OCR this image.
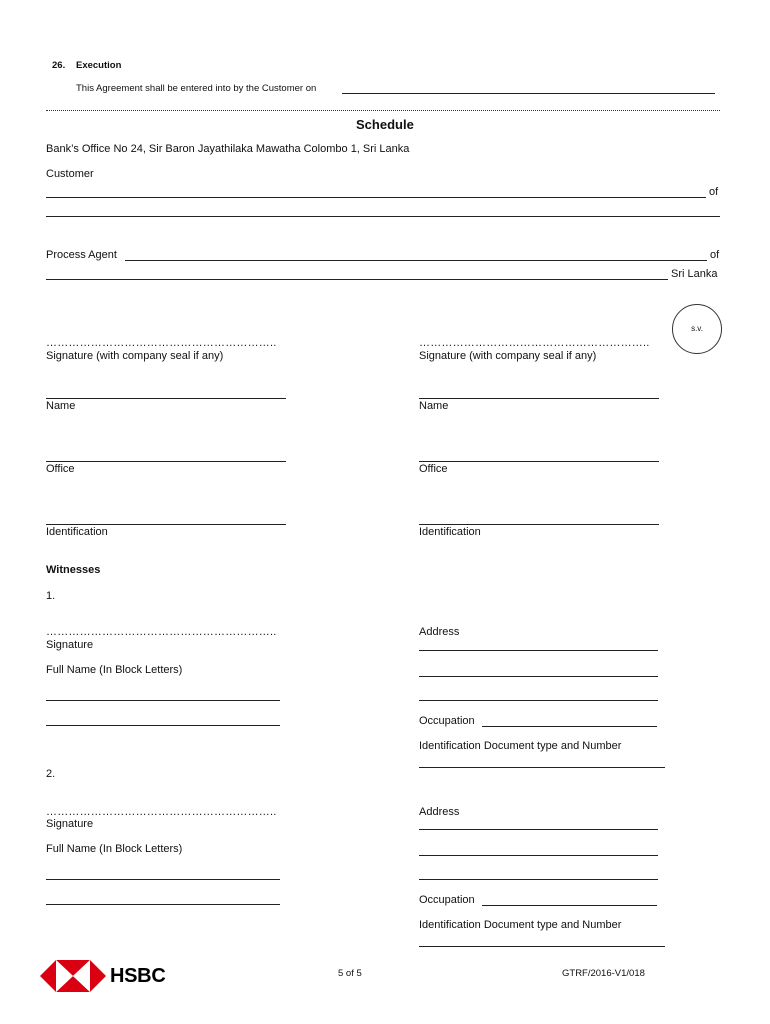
26. Execution
This Agreement shall be entered into by the Customer on
Schedule
Bank’s Office No 24, Sir Baron Jayathilaka Mawatha Colombo 1, Sri Lanka
Customer
of
Process Agent	of
Sri Lanka
s.v.
……………………………………………………..
Signature (with company seal if any)
Name
Office
Identification
……………………………………………………..
Signature (with company seal if any)
Name
Office
Identification
Witnesses
1.
……………………………………………………..
Signature
Full Name (In Block Letters)
Address
Occupation
Identification Document type and Number
2.
……………………………………………………..
Signature
Full Name (In Block Letters)
Address
Occupation
Identification Document type and Number
HSBC	5 of 5	GTRF/2016-V1/018
